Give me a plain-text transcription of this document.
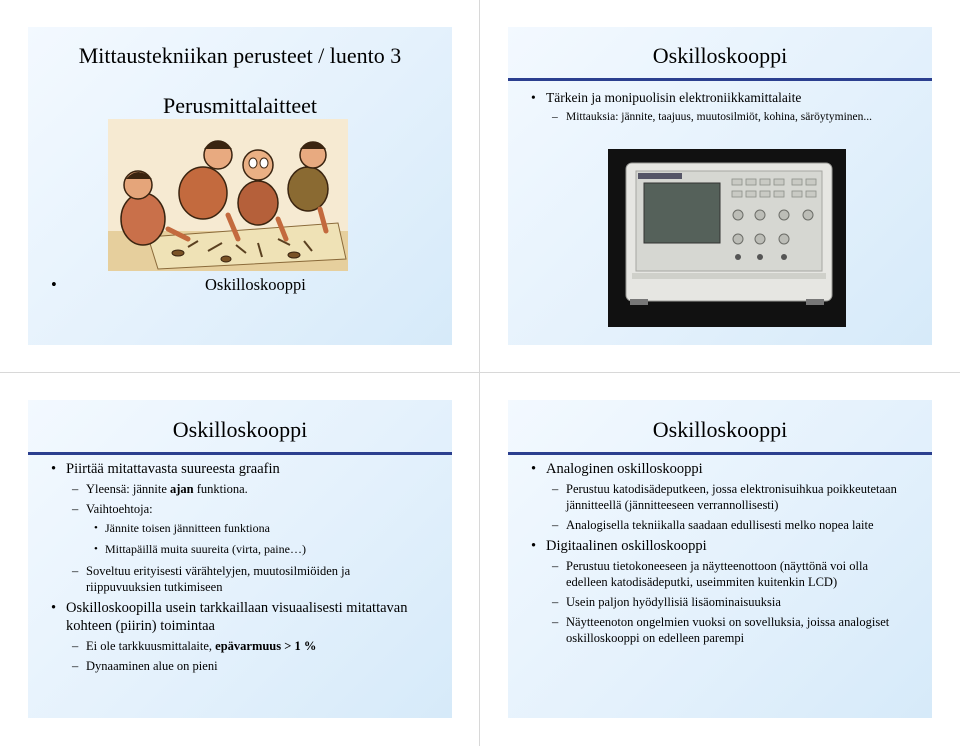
Mittaustekniikan perusteet / luento 3
Perusmittalaitteet
• Oskilloskooppi
Oskilloskooppi
• Tärkein ja monipuolisin elektroniikkamittalaite
– Mittauksia: jännite, taajuus, muutosilmiöt, kohina, säröytyminen...
Oskilloskooppi
• Piirtää mitattavasta suureesta graafin
– Yleensä: jännite ajan funktiona.
– Vaihtoehtoja:
• Jännite toisen jännitteen funktiona
• Mittapäillä muita suureita (virta, paine…)
– Soveltuu erityisesti värähtelyjen, muutosilmiöiden ja riippuvuuksien tutkimiseen
• Oskilloskoopilla usein tarkkaillaan visuaalisesti mitattavan kohteen (piirin) toimintaa
– Ei ole tarkkuusmittalaite, epävarmuus > 1 %
– Dynaaminen alue on pieni
Oskilloskooppi
• Analoginen oskilloskooppi
– Perustuu katodisädeputkeen, jossa elektronisuihkua poikkeutetaan jännitteellä (jännitteeseen verrannollisesti)
– Analogisella tekniikalla saadaan edullisesti melko nopea laite
• Digitaalinen oskilloskooppi
– Perustuu tietokoneeseen ja näytteenottoon (näyttönä voi olla edelleen katodisädeputki, useimmiten kuitenkin LCD)
– Usein paljon hyödyllisiä lisäominaisuuksia
– Näytteenoton ongelmien vuoksi on sovelluksia, joissa analogiset oskilloskooppi on edelleen parempi
